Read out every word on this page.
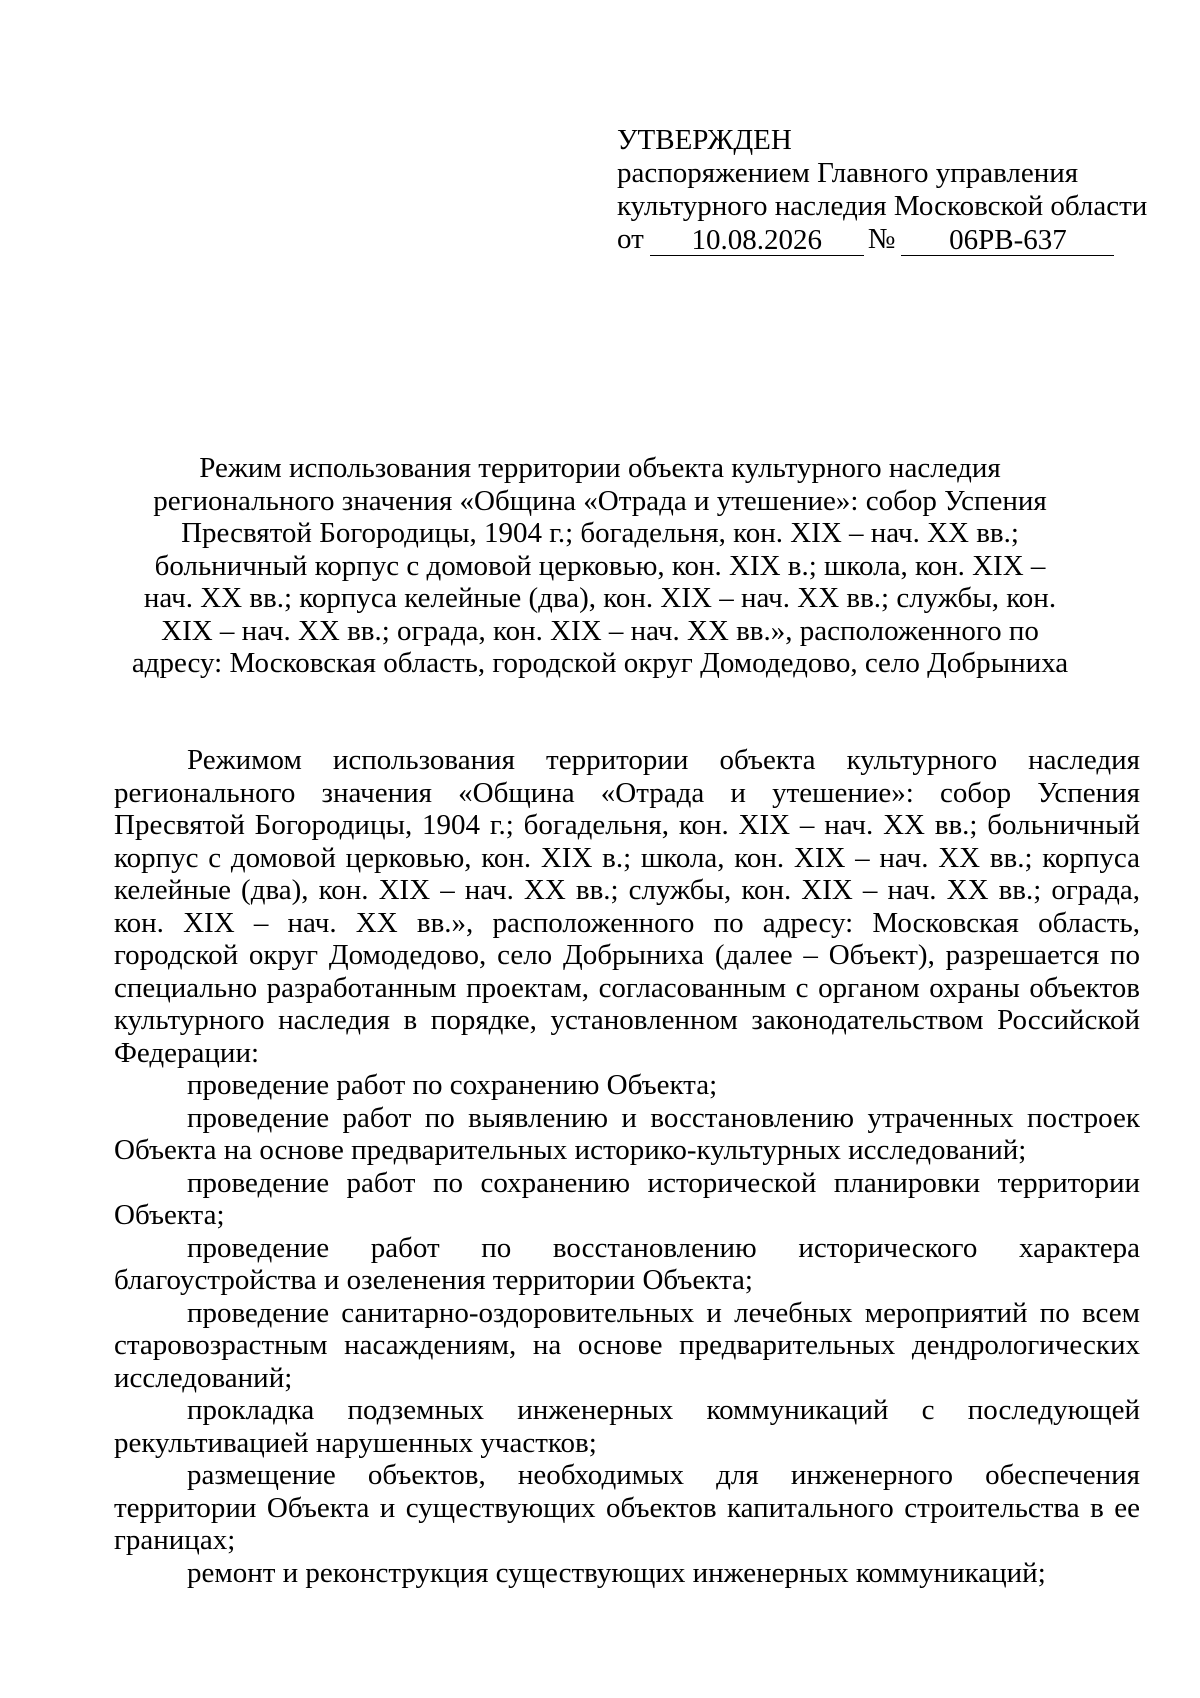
УТВЕРЖДЕН
распоряжением Главного управления
культурного наследия Московской области
от	10.08.2026	№	06РВ-637
Режим использования территории объекта культурного наследия регионального значения «Община «Отрада и утешение»: собор Успения Пресвятой Богородицы, 1904 г.; богадельня, кон. XIX – нач. XX вв.; больничный корпус с домовой церковью, кон. XIX в.; школа, кон. XIX – нач. XX вв.; корпуса келейные (два), кон. XIX – нач. XX вв.; службы, кон. XIX – нач. XX вв.; ограда, кон. XIX – нач. XX вв.», расположенного по адресу: Московская область, городской округ Домодедово, село Добрыниха

Режимом использования территории объекта культурного наследия регионального значения «Община «Отрада и утешение»: собор Успения Пресвятой Богородицы, 1904 г.; богадельня, кон. XIX – нач. XX вв.; больничный корпус с домовой церковью, кон. XIX в.; школа, кон. XIX – нач. XX вв.; корпуса келейные (два), кон. XIX – нач. XX вв.; службы, кон. XIX – нач. XX вв.; ограда, кон. XIX – нач. XX вв.», расположенного по адресу: Московская область, городской округ Домодедово, село Добрыниха (далее – Объект), разрешается по специально разработанным проектам, согласованным с органом охраны объектов культурного наследия в порядке, установленном законодательством Российской Федерации:

проведение работ по сохранению Объекта;

проведение работ по выявлению и восстановлению утраченных построек Объекта на основе предварительных историко-культурных исследований;

проведение работ по сохранению исторической планировки территории Объекта;

проведение работ по восстановлению исторического характера благоустройства и озеленения территории Объекта;

проведение санитарно-оздоровительных и лечебных мероприятий по всем старовозрастным насаждениям, на основе предварительных дендрологических исследований;

прокладка подземных инженерных коммуникаций с последующей рекультивацией нарушенных участков;

размещение объектов, необходимых для инженерного обеспечения территории Объекта и существующих объектов капитального строительства в ее границах;

ремонт и реконструкция существующих инженерных коммуникаций;
